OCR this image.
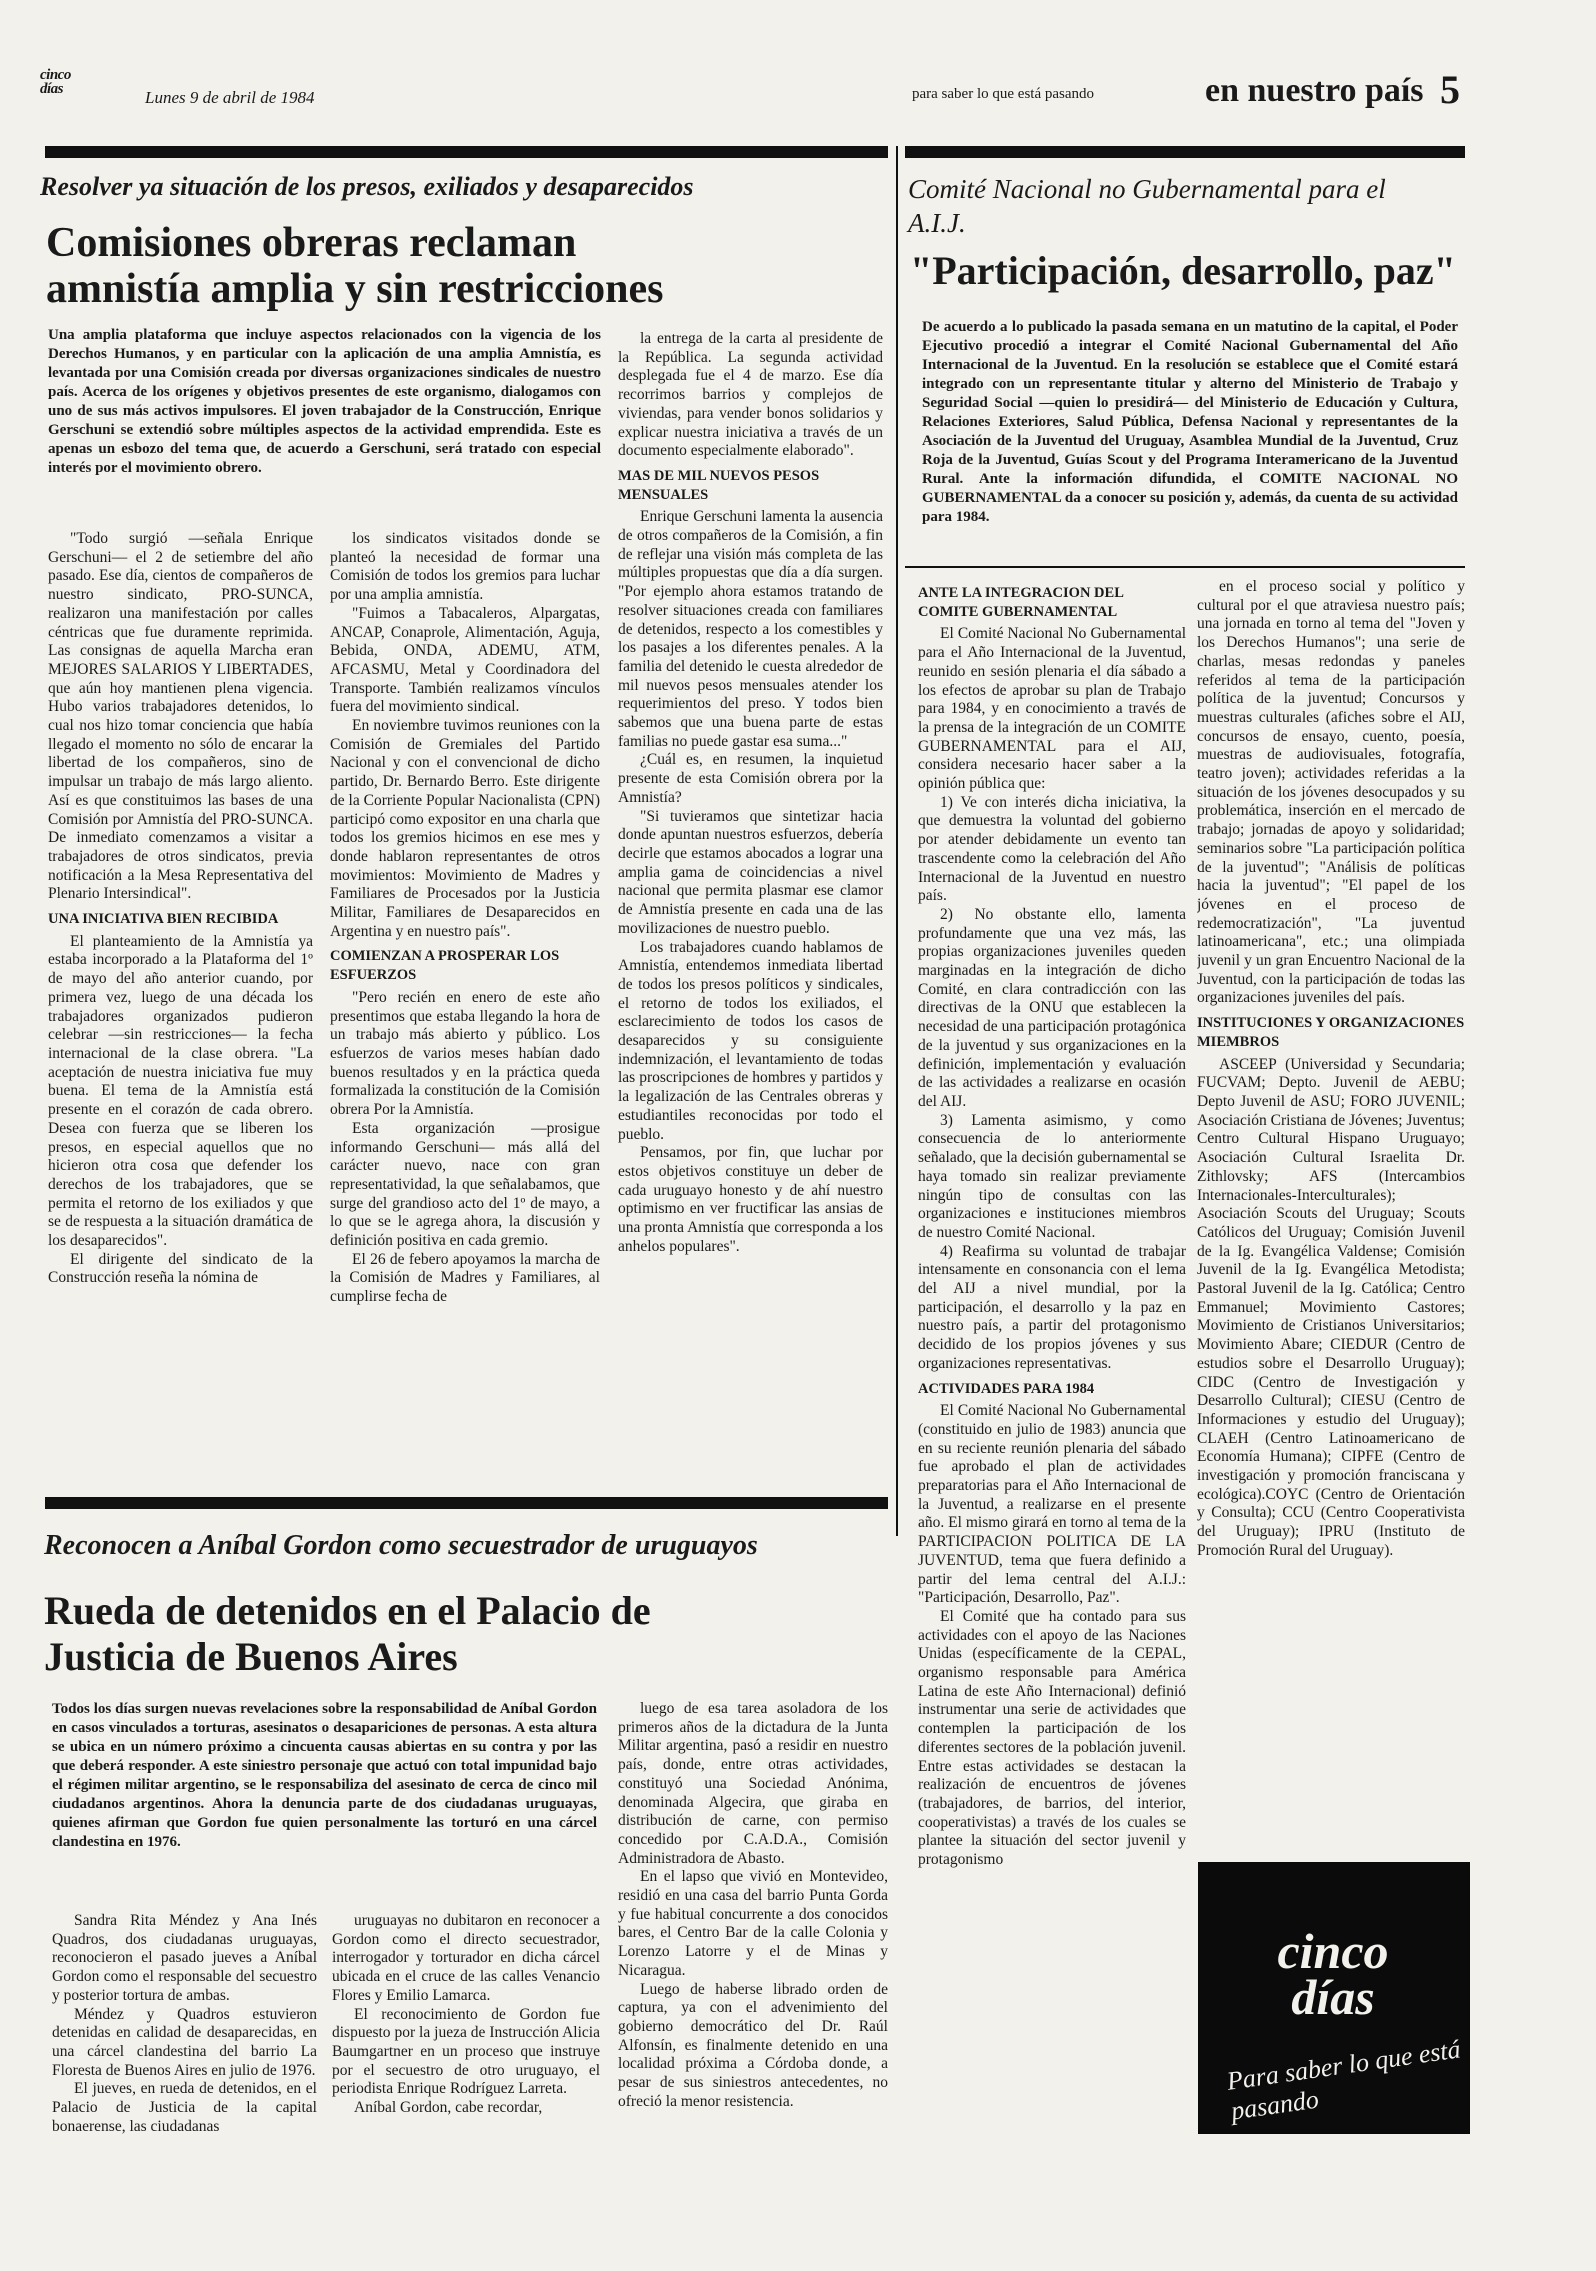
cinco días	Lunes 9 de abril de 1984	para saber lo que está pasando	en nuestro país 5
Resolver ya situación de los presos, exiliados y desaparecidos
Comisiones obreras reclaman amnistía amplia y sin restricciones
Una amplia plataforma que incluye aspectos relacionados con la vigencia de los Derechos Humanos, y en particular con la aplicación de una amplia Amnistía, es levantada por una Comisión creada por diversas organizaciones sindicales de nuestro país. Acerca de los orígenes y objetivos presentes de este organismo, dialogamos con uno de sus más activos impulsores. El joven trabajador de la Construcción, Enrique Gerschuni se extendió sobre múltiples aspectos de la actividad emprendida. Este es apenas un esbozo del tema que, de acuerdo a Gerschuni, será tratado con especial interés por el movimiento obrero.

"Todo surgió —señala Enrique Gerschuni— el 2 de setiembre del año pasado. Ese día, cientos de compañeros de nuestro sindicato, PRO-SUNCA, realizaron una manifestación por calles céntricas que fue duramente reprimida. Las consignas de aquella Marcha eran MEJORES SALARIOS Y LIBERTADES, que aún hoy mantienen plena vigencia. Hubo varios trabajadores detenidos, lo cual nos hizo tomar conciencia que había llegado el momento no sólo de encarar la libertad de los compañeros, sino de impulsar un trabajo de más largo aliento. Así es que constituimos las bases de una Comisión por Amnistía del PRO-SUNCA. De inmediato comenzamos a visitar a trabajadores de otros sindicatos, previa notificación a la Mesa Representativa del Plenario Intersindical".

UNA INICIATIVA BIEN RECIBIDA

El planteamiento de la Amnistía ya estaba incorporado a la Plataforma del 1º de mayo del año anterior cuando, por primera vez, luego de una década los trabajadores organizados pudieron celebrar —sin restricciones— la fecha internacional de la clase obrera. "La aceptación de nuestra iniciativa fue muy buena. El tema de la Amnistía está presente en el corazón de cada obrero. Desea con fuerza que se liberen los presos, en especial aquellos que no hicieron otra cosa que defender los derechos de los trabajadores, que se permita el retorno de los exiliados y que se de respuesta a la situación dramática de los desaparecidos".

El dirigente del sindicato de la Construcción reseña la nómina de

los sindicatos visitados donde se planteó la necesidad de formar una Comisión de todos los gremios para luchar por una amplia amnistía.

"Fuimos a Tabacaleros, Alpargatas, ANCAP, Conaprole, Alimentación, Aguja, Bebida, ONDA, ADEMU, ATM, AFCASMU, Metal y Coordinadora del Transporte. También realizamos vínculos fuera del movimiento sindical.

En noviembre tuvimos reuniones con la Comisión de Gremiales del Partido Nacional y con el convencional de dicho partido, Dr. Bernardo Berro. Este dirigente de la Corriente Popular Nacionalista (CPN) participó como expositor en una charla que todos los gremios hicimos en ese mes y donde hablaron representantes de otros movimientos: Movimiento de Madres y Familiares de Procesados por la Justicia Militar, Familiares de Desaparecidos en Argentina y en nuestro país".

COMIENZAN A PROSPERAR LOS ESFUERZOS

"Pero recién en enero de este año presentimos que estaba llegando la hora de un trabajo más abierto y público. Los esfuerzos de varios meses habían dado buenos resultados y en la práctica queda formalizada la constitución de la Comisión obrera Por la Amnistía.

Esta organización —prosigue informando Gerschuni— más allá del carácter nuevo, nace con gran representatividad, la que señalabamos, que surge del grandioso acto del 1º de mayo, a lo que se le agrega ahora, la discusión y definición positiva en cada gremio.

El 26 de febero apoyamos la marcha de la Comisión de Madres y Familiares, al cumplirse fecha de

la entrega de la carta al presidente de la República. La segunda actividad desplegada fue el 4 de marzo. Ese día recorrimos barrios y complejos de viviendas, para vender bonos solidarios y explicar nuestra iniciativa a través de un documento especialmente elaborado".

MAS DE MIL NUEVOS PESOS MENSUALES

Enrique Gerschuni lamenta la ausencia de otros compañeros de la Comisión, a fin de reflejar una visión más completa de las múltiples propuestas que día a día surgen. "Por ejemplo ahora estamos tratando de resolver situaciones creada con familiares de detenidos, respecto a los comestibles y los pasajes a los diferentes penales. A la familia del detenido le cuesta alrededor de mil nuevos pesos mensuales atender los requerimientos del preso. Y todos bien sabemos que una buena parte de estas familias no puede gastar esa suma..."

¿Cuál es, en resumen, la inquietud presente de esta Comisión obrera por la Amnistía?

"Si tuvieramos que sintetizar hacia donde apuntan nuestros esfuerzos, debería decirle que estamos abocados a lograr una amplia gama de coincidencias a nivel nacional que permita plasmar ese clamor de Amnistía presente en cada una de las movilizaciones de nuestro pueblo.

Los trabajadores cuando hablamos de Amnistía, entendemos inmediata libertad de todos los presos políticos y sindicales, el retorno de todos los exiliados, el esclarecimiento de todos los casos de desaparecidos y su consiguiente indemnización, el levantamiento de todas las proscripciones de hombres y partidos y la legalización de las Centrales obreras y estudiantiles reconocidas por todo el pueblo.

Pensamos, por fin, que luchar por estos objetivos constituye un deber de cada uruguayo honesto y de ahí nuestro optimismo en ver fructificar las ansias de una pronta Amnistía que corresponda a los anhelos populares".

Comité Nacional no Gubernamental para el A.I.J.
"Participación, desarrollo, paz"
De acuerdo a lo publicado la pasada semana en un matutino de la capital, el Poder Ejecutivo procedió a integrar el Comité Nacional Gubernamental del Año Internacional de la Juventud. En la resolución se establece que el Comité estará integrado con un representante titular y alterno del Ministerio de Trabajo y Seguridad Social —quien lo presidirá— del Ministerio de Educación y Cultura, Relaciones Exteriores, Salud Pública, Defensa Nacional y representantes de la Asociación de la Juventud del Uruguay, Asamblea Mundial de la Juventud, Cruz Roja de la Juventud, Guías Scout y del Programa Interamericano de la Juventud Rural. Ante la información difundida, el COMITE NACIONAL NO GUBERNAMENTAL da a conocer su posición y, además, da cuenta de su actividad para 1984.

ANTE LA INTEGRACION DEL COMITE GUBERNAMENTAL

El Comité Nacional No Gubernamental para el Año Internacional de la Juventud, reunido en sesión plenaria el día sábado a los efectos de aprobar su plan de Trabajo para 1984, y en conocimiento a través de la prensa de la integración de un COMITE GUBERNAMENTAL para el AIJ, considera necesario hacer saber a la opinión pública que:

1) Ve con interés dicha iniciativa, la que demuestra la voluntad del gobierno por atender debidamente un evento tan trascendente como la celebración del Año Internacional de la Juventud en nuestro país.

2) No obstante ello, lamenta profundamente que una vez más, las propias organizaciones juveniles queden marginadas en la integración de dicho Comité, en clara contradicción con las directivas de la ONU que establecen la necesidad de una participación protagónica de la juventud y sus organizaciones en la definición, implementación y evaluación de las actividades a realizarse en ocasión del AIJ.

3) Lamenta asimismo, y como consecuencia de lo anteriormente señalado, que la decisión gubernamental se haya tomado sin realizar previamente ningún tipo de consultas con las organizaciones e instituciones miembros de nuestro Comité Nacional.

4) Reafirma su voluntad de trabajar intensamente en consonancia con el lema del AIJ a nivel mundial, por la participación, el desarrollo y la paz en nuestro país, a partir del protagonismo decidido de los propios jóvenes y sus organizaciones representativas.

ACTIVIDADES PARA 1984

El Comité Nacional No Gubernamental (constituido en julio de 1983) anuncia que en su reciente reunión plenaria del sábado fue aprobado el plan de actividades preparatorias para el Año Internacional de la Juventud, a realizarse en el presente año. El mismo girará en torno al tema de la PARTICIPACION POLITICA DE LA JUVENTUD, tema que fuera definido a partir del lema central del A.I.J.: "Participación, Desarrollo, Paz".

El Comité que ha contado para sus actividades con el apoyo de las Naciones Unidas (específicamente de la CEPAL, organismo responsable para América Latina de este Año Internacional) definió instrumentar una serie de actividades que contemplen la participación de los diferentes sectores de la población juvenil. Entre estas actividades se destacan la realización de encuentros de jóvenes (trabajadores, de barrios, del interior, cooperativistas) a través de los cuales se plantee la situación del sector juvenil y protagonismo

en el proceso social y político y cultural por el que atraviesa nuestro país; una jornada en torno al tema del "Joven y los Derechos Humanos"; una serie de charlas, mesas redondas y paneles referidos al tema de la participación política de la juventud; Concursos y muestras culturales (afiches sobre el AIJ, concursos de ensayo, cuento, poesía, muestras de audiovisuales, fotografía, teatro joven); actividades referidas a la situación de los jóvenes desocupados y su problemática, inserción en el mercado de trabajo; jornadas de apoyo y solidaridad; seminarios sobre "La participación política de la juventud"; "Análisis de políticas hacia la juventud"; "El papel de los jóvenes en el proceso de redemocratización", "La juventud latinoamericana", etc.; una olimpiada juvenil y un gran Encuentro Nacional de la Juventud, con la participación de todas las organizaciones juveniles del país.

INSTITUCIONES Y ORGANIZACIONES MIEMBROS

ASCEEP (Universidad y Secundaria; FUCVAM; Depto. Juvenil de AEBU; Depto Juvenil de ASU; FORO JUVENIL; Asociación Cristiana de Jóvenes; Juventus; Centro Cultural Hispano Uruguayo; Asociación Cultural Israelita Dr. Zithlovsky; AFS (Intercambios Internacionales-Interculturales); Asociación Scouts del Uruguay; Scouts Católicos del Uruguay; Comisión Juvenil de la Ig. Evangélica Valdense; Comisión Juvenil de la Ig. Evangélica Metodista; Pastoral Juvenil de la Ig. Católica; Centro Emmanuel; Movimiento Castores; Movimiento de Cristianos Universitarios; Movimiento Abare; CIEDUR (Centro de estudios sobre el Desarrollo Uruguay); CIDC (Centro de Investigación y Desarrollo Cultural); CIESU (Centro de Informaciones y estudio del Uruguay); CLAEH (Centro Latinoamericano de Economía Humana); CIPFE (Centro de investigación y promoción franciscana y ecológica).COYC (Centro de Orientación y Consulta); CCU (Centro Cooperativista del Uruguay); IPRU (Instituto de Promoción Rural del Uruguay).

Reconocen a Aníbal Gordon como secuestrador de uruguayos
Rueda de detenidos en el Palacio de Justicia de Buenos Aires
Todos los días surgen nuevas revelaciones sobre la responsabilidad de Aníbal Gordon en casos vinculados a torturas, asesinatos o desapariciones de personas. A esta altura se ubica en un número próximo a cincuenta causas abiertas en su contra y por las que deberá responder. A este siniestro personaje que actuó con total impunidad bajo el régimen militar argentino, se le responsabiliza del asesinato de cerca de cinco mil ciudadanos argentinos. Ahora la denuncia parte de dos ciudadanas uruguayas, quienes afirman que Gordon fue quien personalmente las torturó en una cárcel clandestina en 1976.

Sandra Rita Méndez y Ana Inés Quadros, dos ciudadanas uruguayas, reconocieron el pasado jueves a Aníbal Gordon como el responsable del secuestro y posterior tortura de ambas.

Méndez y Quadros estuvieron detenidas en calidad de desaparecidas, en una cárcel clandestina del barrio La Floresta de Buenos Aires en julio de 1976.

El jueves, en rueda de detenidos, en el Palacio de Justicia de la capital bonaerense, las ciudadanas

uruguayas no dubitaron en reconocer a Gordon como el directo secuestrador, interrogador y torturador en dicha cárcel ubicada en el cruce de las calles Venancio Flores y Emilio Lamarca.

El reconocimiento de Gordon fue dispuesto por la jueza de Instrucción Alicia Baumgartner en un proceso que instruye por el secuestro de otro uruguayo, el periodista Enrique Rodríguez Larreta.

Aníbal Gordon, cabe recordar,

luego de esa tarea asoladora de los primeros años de la dictadura de la Junta Militar argentina, pasó a residir en nuestro país, donde, entre otras actividades, constituyó una Sociedad Anónima, denominada Algecira, que giraba en distribución de carne, con permiso concedido por C.A.D.A., Comisión Administradora de Abasto.

En el lapso que vivió en Montevideo, residió en una casa del barrio Punta Gorda y fue habitual concurrente a dos conocidos bares, el Centro Bar de la calle Colonia y Lorenzo Latorre y el de Minas y Nicaragua.

Luego de haberse librado orden de captura, ya con el advenimiento del gobierno democrático del Dr. Raúl Alfonsín, es finalmente detenido en una localidad próxima a Córdoba donde, a pesar de sus siniestros antecedentes, no ofreció la menor resistencia.

cinco días
Para saber lo que está pasando
